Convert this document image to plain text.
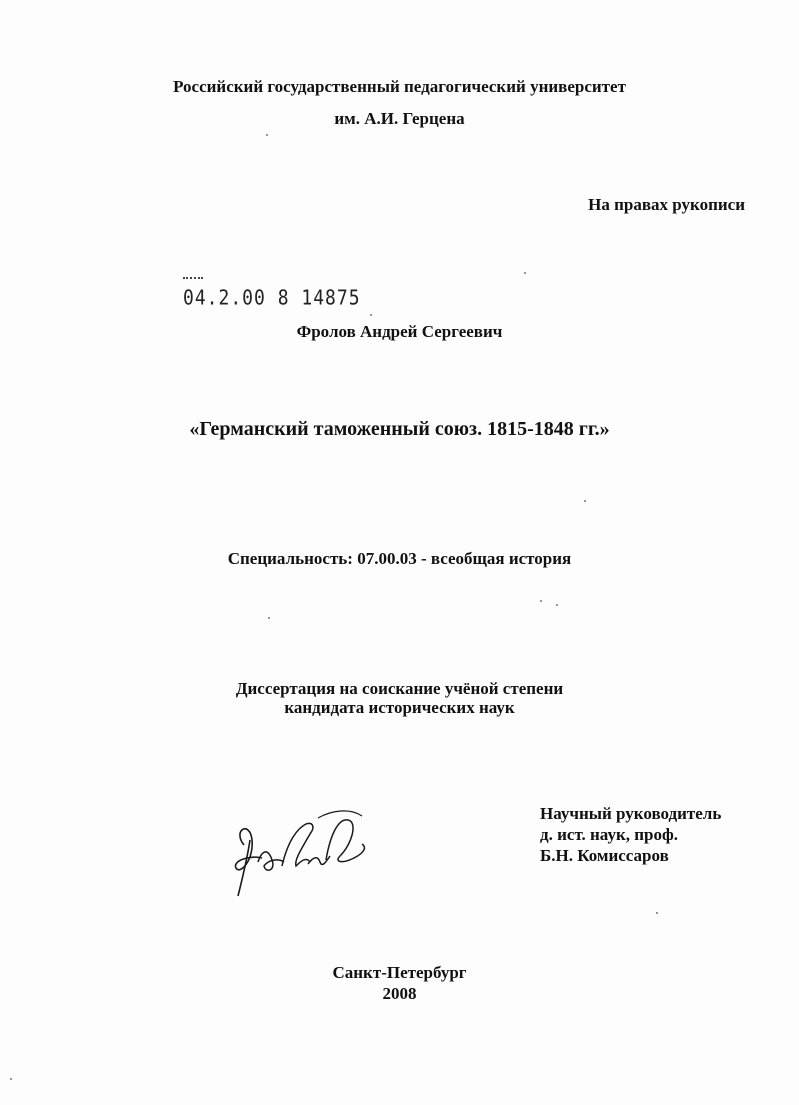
Российский государственный педагогический университет
им. А.И. Герцена
На правах рукописи
04.2.00 8 14875
Фролов Андрей Сергеевич
«Германский таможенный союз. 1815-1848 гг.»
Специальность: 07.00.03 - всеобщая история
Диссертация на соискание учёной степени
кандидата исторических наук
Научный руководитель
д. ист. наук, проф.
Б.Н. Комиссаров
Санкт-Петербург
2008
